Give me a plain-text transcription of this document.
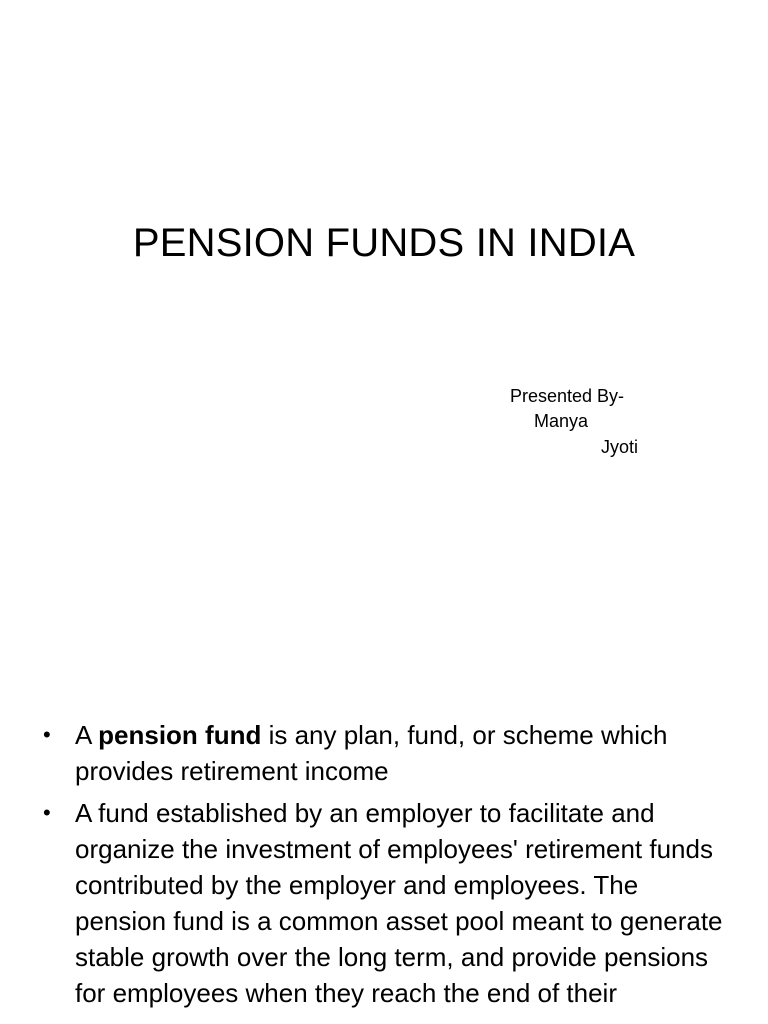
PENSION FUNDS IN INDIA
Presented By-
Manya
Jyoti
• A pension fund is any plan, fund, or scheme which provides retirement income
• A fund established by an employer to facilitate and organize the investment of employees' retirement funds contributed by the employer and employees. The pension fund is a common asset pool meant to generate stable growth over the long term, and provide pensions for employees when they reach the end of their
